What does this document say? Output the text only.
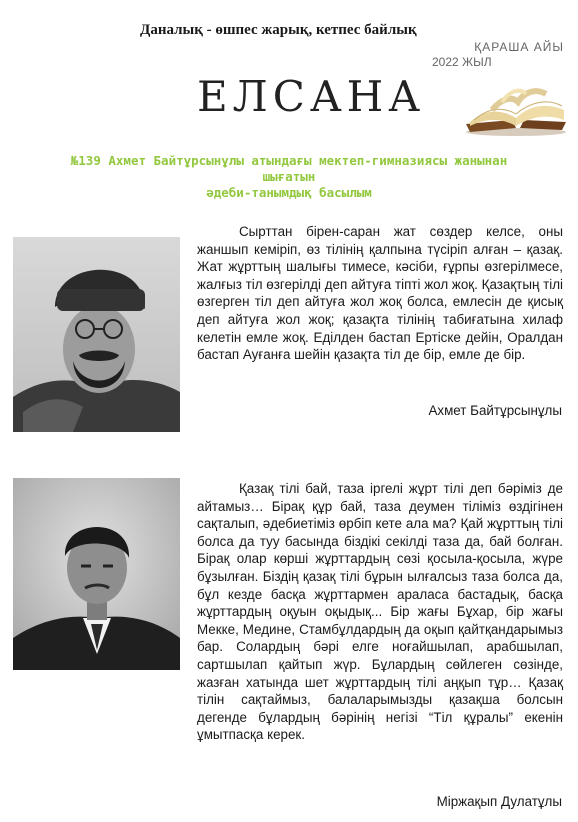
Даналық - өшпес жарық, кетпес байлық
ҚАРАША АЙЫ
2022 ЖЫЛ
ЕЛСАНА
№139 Ахмет Байтұрсынұлы атындағы мектеп-гимназиясы жанынан
шығатын
әдеби-танымдық басылым

Сырттан бірен-саран жат сөздер келсе, оны жаншып кеміріп, өз тілінің қалпына түсіріп алған – қазақ. Жат жұрттың шалығы тимесе, кәсіби, ғұрпы өзгерілмесе, жалғыз тіл өзгерілді деп айтуға тіпті жол жоқ. Қазақтың тілі өзгерген тіл деп айтуға жол жоқ болса, емлесін де қисық деп айтуға жол жоқ; қазақта тілінің табиғатына хилаф келетін емле жоқ. Еділден бастап Ертіске дейін, Оралдан бастап Ауғанға шейін қазақта тіл де бір, емле де бір.

Ахмет Байтұрсынұлы

Қазақ тілі бай, таза іргелі жұрт тілі деп бәріміз де айтамыз… Бірақ құр бай, таза деумен тіліміз өздігінен сақталып, әдебиетіміз өрбіп кете ала ма? Қай жұрттың тілі болса да туу басында біздікі секілді таза да, бай болған. Бірақ олар көрші жұрттардың сөзі қосыла-қосыла, жүре бұзылған. Біздің қазақ тілі бұрын ылғалсыз таза болса да, бұл кезде басқа жұрттармен араласа бастадық, басқа жұрттардың оқуын оқыдық... Бір жағы Бұхар, бір жағы Мекке, Медине, Стамбұлдардың да оқып қайтқандарымыз бар. Солардың бәрі елге ноғайшылап, арабшылап, сартшылап қайтып жүр. Бұлардың сөйлеген сөзінде, жазған хатында шет жұрттардың тілі аңқып тұр… Қазақ тілін сақтаймыз, балаларымызды қазақша болсын дегенде бұлардың бәрінің негізі “Тіл құралы” екенін ұмытпасқа керек.

Міржақып Дулатұлы
